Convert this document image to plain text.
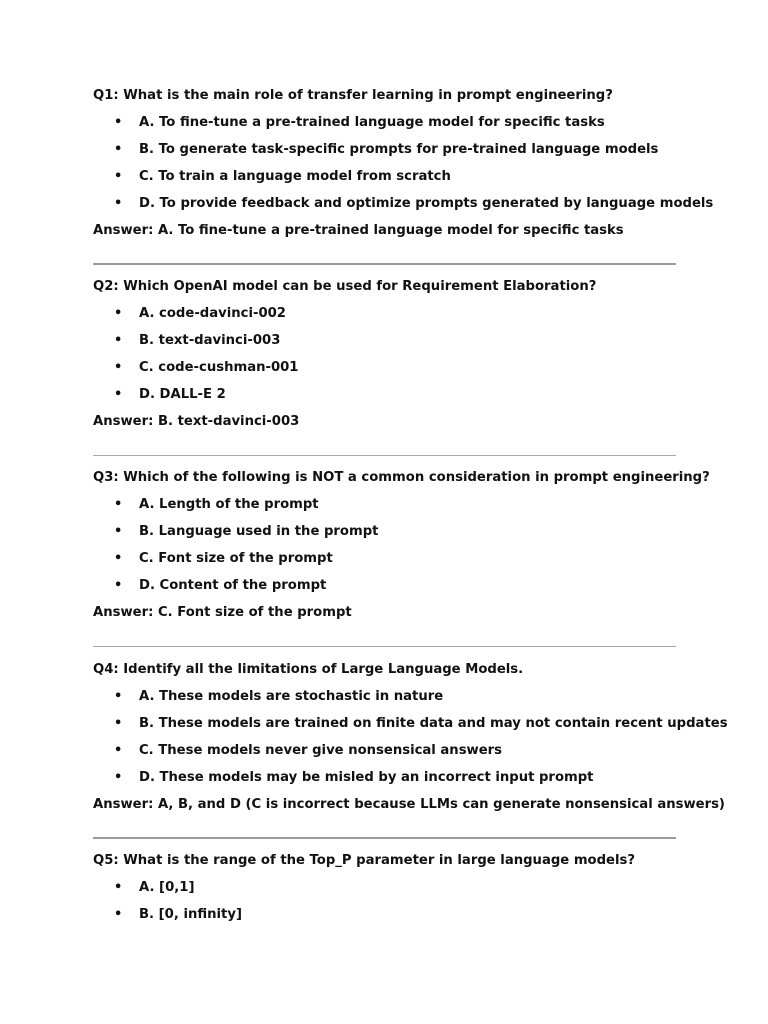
Q1: What is the main role of transfer learning in prompt engineering?
• A. To fine-tune a pre-trained language model for specific tasks
• B. To generate task-specific prompts for pre-trained language models
• C. To train a language model from scratch
• D. To provide feedback and optimize prompts generated by language models
Answer: A. To fine-tune a pre-trained language model for specific tasks
Q2: Which OpenAI model can be used for Requirement Elaboration?
• A. code-davinci-002
• B. text-davinci-003
• C. code-cushman-001
• D. DALL-E 2
Answer: B. text-davinci-003
Q3: Which of the following is NOT a common consideration in prompt engineering?
• A. Length of the prompt
• B. Language used in the prompt
• C. Font size of the prompt
• D. Content of the prompt
Answer: C. Font size of the prompt
Q4: Identify all the limitations of Large Language Models.
• A. These models are stochastic in nature
• B. These models are trained on finite data and may not contain recent updates
• C. These models never give nonsensical answers
• D. These models may be misled by an incorrect input prompt
Answer: A, B, and D (C is incorrect because LLMs can generate nonsensical answers)
Q5: What is the range of the Top_P parameter in large language models?
• A. [0,1]
• B. [0, infinity]
